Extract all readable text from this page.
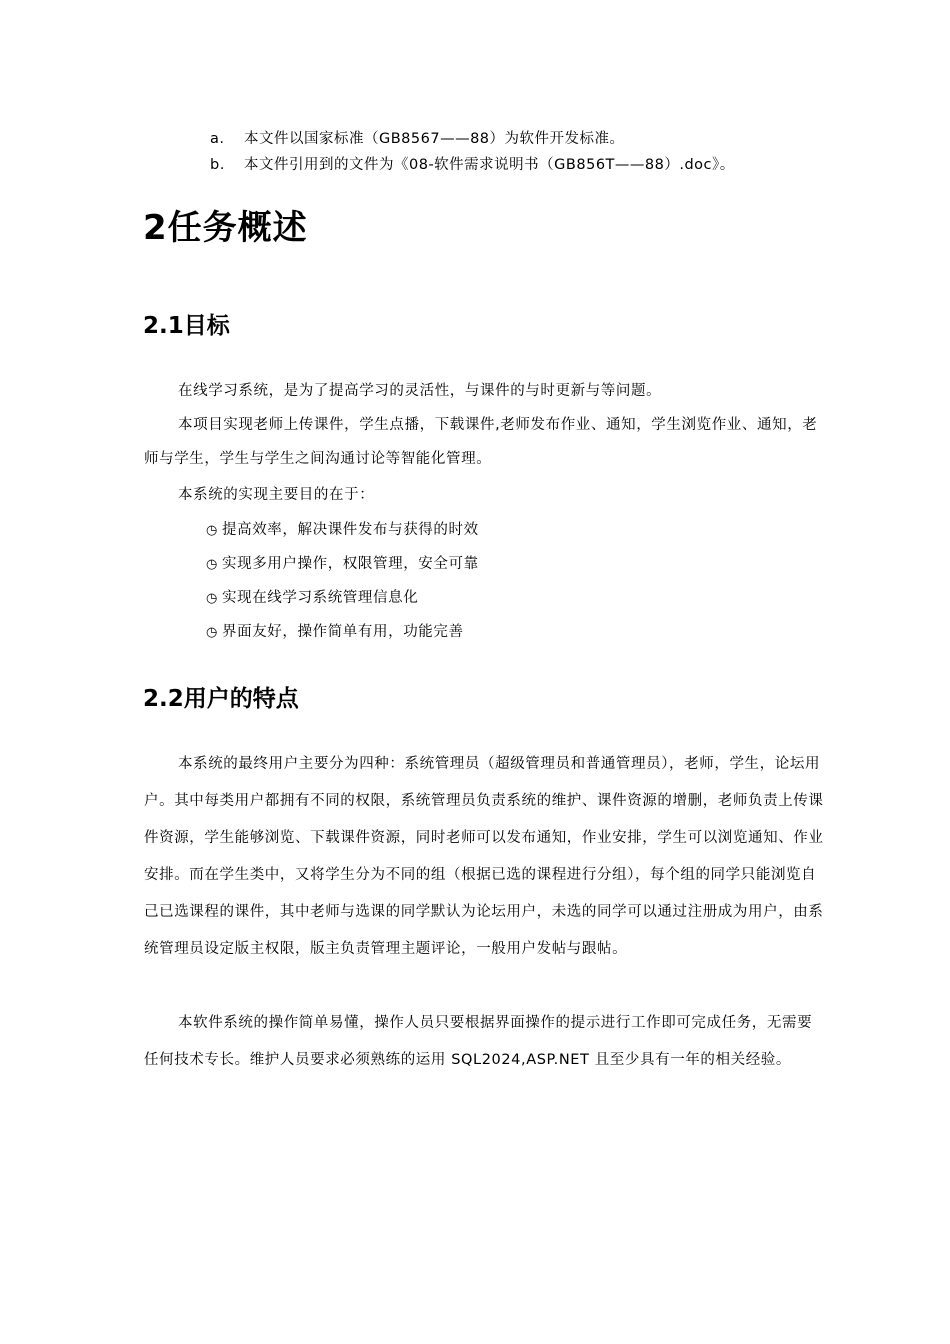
a. 本文件以国家标准（GB8567——88）为软件开发标准。
b. 本文件引用到的文件为《08-软件需求说明书（GB856T——88）.doc》。
2任务概述
2.1目标

在线学习系统，是为了提高学习的灵活性，与课件的与时更新与等问题。

本项目实现老师上传课件，学生点播，下载课件,老师发布作业、通知，学生浏览作业、通知，老师与学生，学生与学生之间沟通讨论等智能化管理。

本系统的实现主要目的在于：

◷ 提高效率，解决课件发布与获得的时效
◷ 实现多用户操作，权限管理，安全可靠
◷ 实现在线学习系统管理信息化
◷ 界面友好，操作简单有用，功能完善
2.2用户的特点

本系统的最终用户主要分为四种：系统管理员（超级管理员和普通管理员），老师，学生，论坛用户。其中每类用户都拥有不同的权限，系统管理员负责系统的维护、课件资源的增删，老师负责上传课件资源，学生能够浏览、下载课件资源，同时老师可以发布通知，作业安排，学生可以浏览通知、作业安排。而在学生类中，又将学生分为不同的组（根据已选的课程进行分组），每个组的同学只能浏览自己已选课程的课件，其中老师与选课的同学默认为论坛用户，未选的同学可以通过注册成为用户，由系统管理员设定版主权限，版主负责管理主题评论，一般用户发帖与跟帖。

本软件系统的操作简单易懂，操作人员只要根据界面操作的提示进行工作即可完成任务，无需要任何技术专长。维护人员要求必须熟练的运用 SQL2024,ASP.NET 且至少具有一年的相关经验。
